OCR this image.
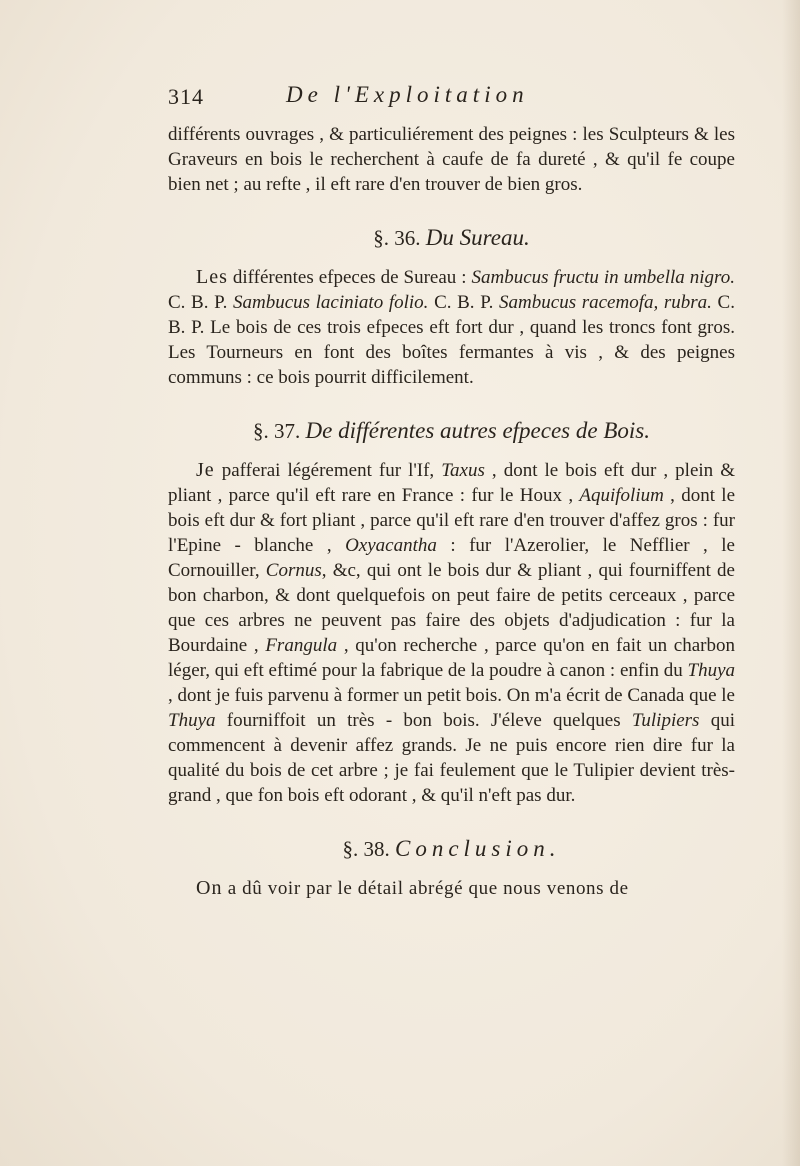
314	De l'Exploitation

différents ouvrages , & particuliérement des peignes : les Sculpteurs & les Graveurs en bois le recherchent à caufe de fa dureté , & qu'il fe coupe bien net ; au refte , il eft rare d'en trouver de bien gros.

§. 36. Du Sureau.

Les différentes efpeces de Sureau : Sambucus fructu in umbella nigro. C. B. P. Sambucus laciniato folio. C. B. P. Sambucus racemofa, rubra. C. B. P. Le bois de ces trois efpeces eft fort dur , quand les troncs font gros. Les Tourneurs en font des boîtes fermantes à vis , & des peignes communs : ce bois pourrit difficilement.

§. 37. De différentes autres efpeces de Bois.

Je pafferai légérement fur l'If, Taxus , dont le bois eft dur , plein & pliant , parce qu'il eft rare en France : fur le Houx , Aquifolium , dont le bois eft dur & fort pliant , parce qu'il eft rare d'en trouver d'affez gros : fur l'Epine - blanche , Oxyacantha : fur l'Azerolier, le Nefflier , le Cornouiller, Cornus, &c, qui ont le bois dur & pliant , qui fourniffent de bon charbon, & dont quelquefois on peut faire de petits cerceaux , parce que ces arbres ne peuvent pas faire des objets d'adjudication : fur la Bourdaine , Frangula , qu'on recherche , parce qu'on en fait un charbon léger, qui eft eftimé pour la fabrique de la poudre à canon : enfin du Thuya , dont je fuis parvenu à former un petit bois. On m'a écrit de Canada que le Thuya fourniffoit un très - bon bois. J'éleve quelques Tulipiers qui commencent à devenir affez grands. Je ne puis encore rien dire fur la qualité du bois de cet arbre ; je fai feulement que le Tulipier devient très-grand , que fon bois eft odorant , & qu'il n'eft pas dur.

§. 38. Conclusion.

On a dû voir par le détail abrégé que nous venons de
